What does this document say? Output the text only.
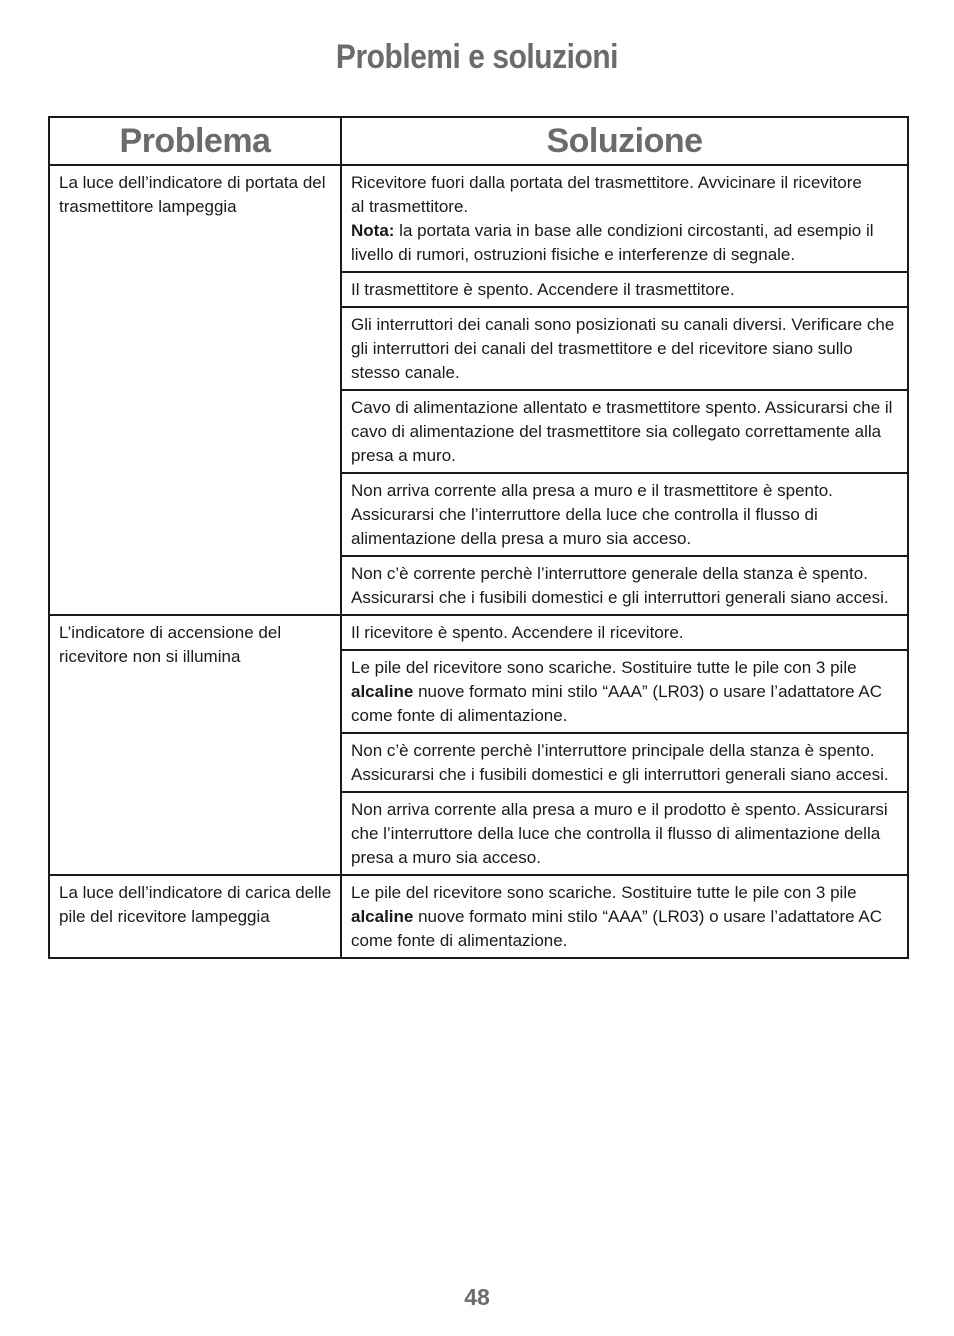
Problemi e soluzioni
Problema	Soluzione
La luce dell’indicatore di portata del trasmettitore lampeggia	Ricevitore fuori dalla portata del trasmettitore. Avvicinare il ricevitore
al trasmettitore.
Nota: la portata varia in base alle condizioni circostanti, ad esempio il livello di rumori, ostruzioni fisiche e interferenze di segnale.
	Il trasmettitore è spento. Accendere il trasmettitore.
	Gli interruttori dei canali sono posizionati su canali diversi. Verificare che gli interruttori dei canali del trasmettitore e del ricevitore siano sullo stesso canale.
	Cavo di alimentazione allentato e trasmettitore spento. Assicurarsi che il cavo di alimentazione del trasmettitore sia collegato correttamente alla presa a muro.
	Non arriva corrente alla presa a muro e il trasmettitore è spento. Assicurarsi che l’interruttore della luce che controlla il flusso di alimentazione della presa a muro sia acceso.
	Non c’è corrente perchè l’interruttore generale della stanza è spento. Assicurarsi che i fusibili domestici e gli interruttori generali siano accesi.
L’indicatore di accensione del ricevitore non si illumina	Il ricevitore è spento. Accendere il ricevitore.
	Le pile del ricevitore sono scariche. Sostituire tutte le pile con 3 pile alcaline nuove formato mini stilo “AAA” (LR03) o usare l’adattatore AC come fonte di alimentazione.
	Non c’è corrente perchè l’interruttore principale della stanza è spento. Assicurarsi che i fusibili domestici e gli interruttori generali siano accesi.
	Non arriva corrente alla presa a muro e il prodotto è spento. Assicurarsi che l’interruttore della luce che controlla il flusso di alimentazione della presa a muro sia acceso.
La luce dell’indicatore di carica delle pile del ricevitore lampeggia	Le pile del ricevitore sono scariche. Sostituire tutte le pile con 3 pile alcaline nuove formato mini stilo “AAA” (LR03) o usare l’adattatore AC come fonte di alimentazione.
48
